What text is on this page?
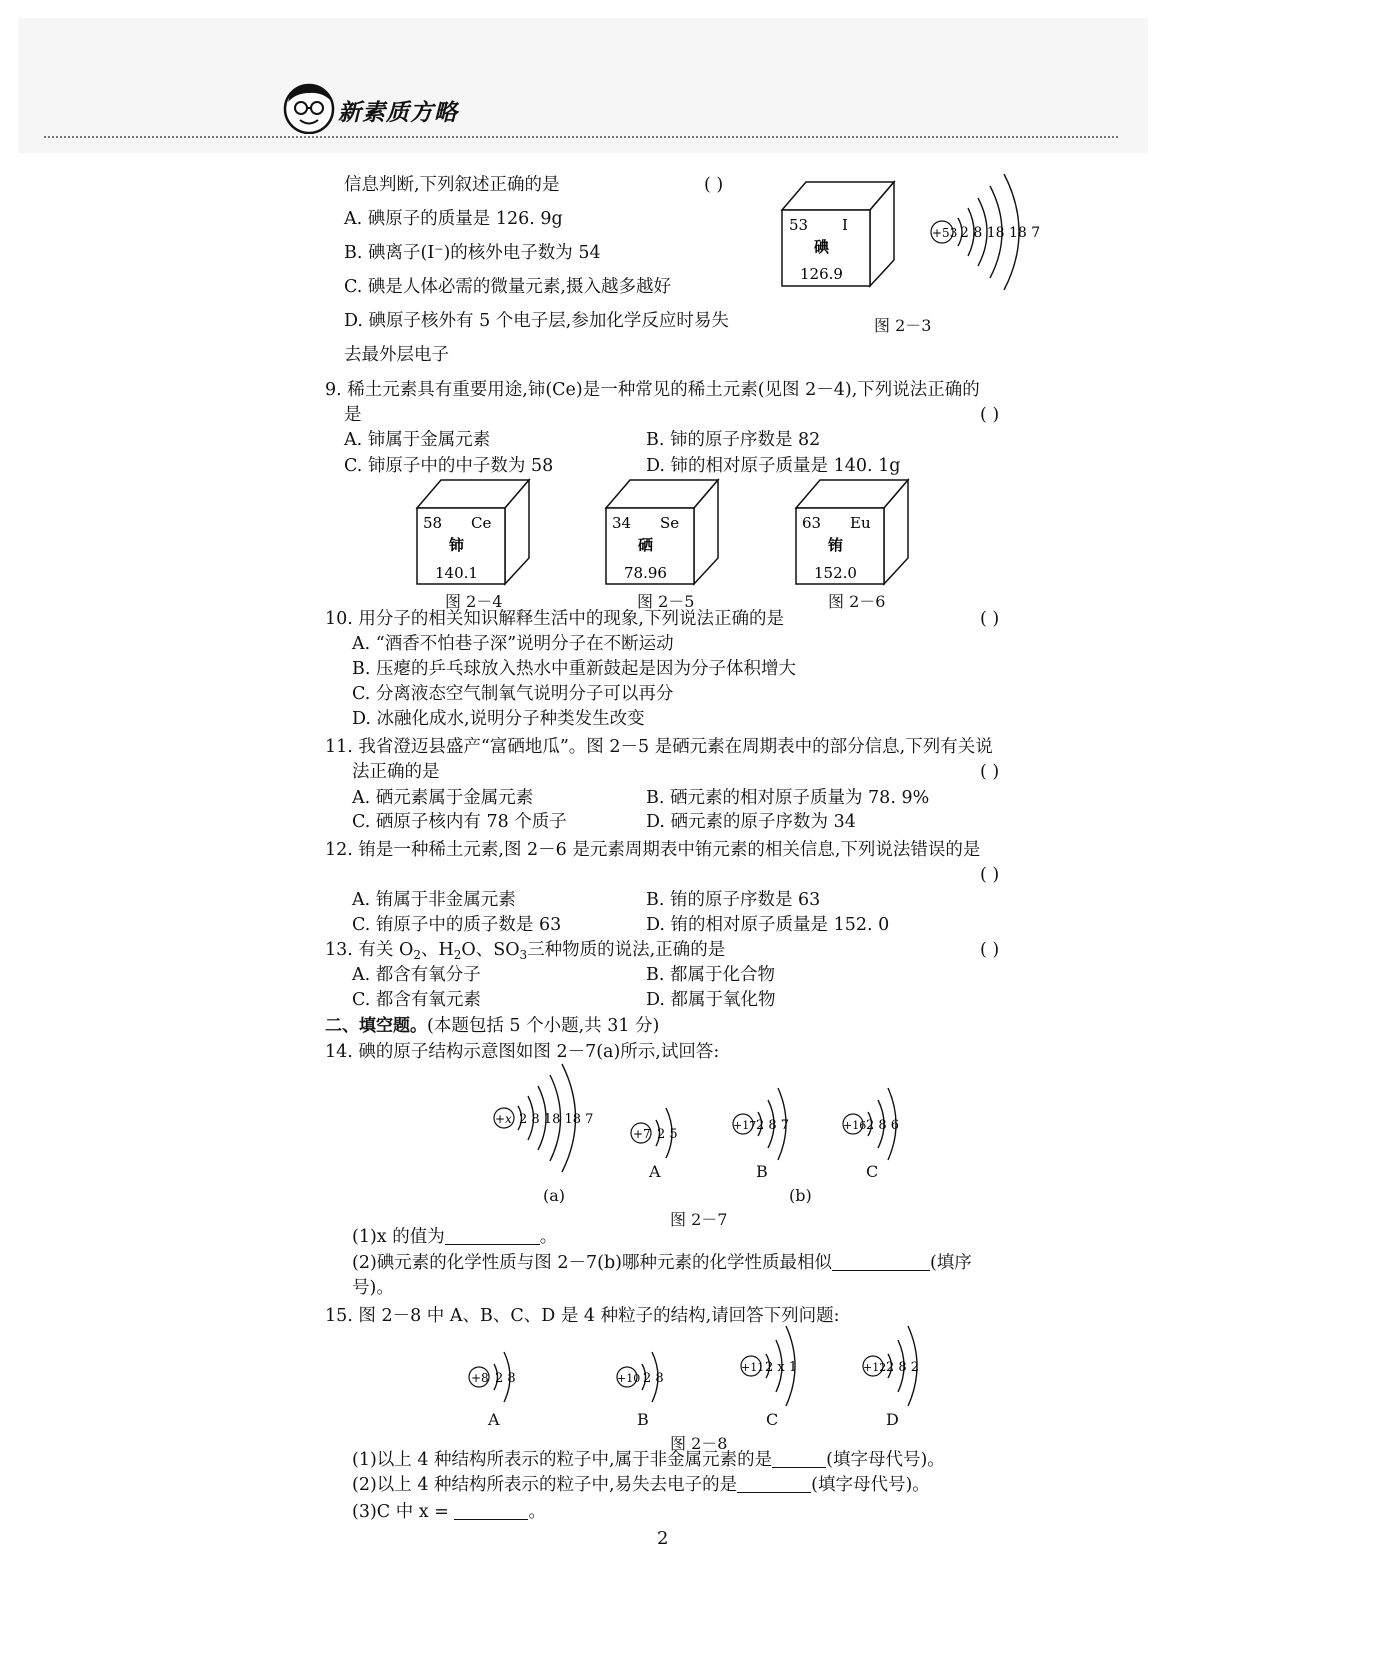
新素质方略
信息判断,下列叙述正确的是	( )
A. 碘原子的质量是 126. 9g
B. 碘离子(I⁻)的核外电子数为 54
C. 碘是人体必需的微量元素,摄入越多越好
D. 碘原子核外有 5 个电子层,参加化学反应时易失
去最外层电子
53 I
碘
126.9
+53 2 8 18 18 7
图 2－3
9. 稀土元素具有重要用途,铈(Ce)是一种常见的稀土元素(见图 2－4),下列说法正确的
是	( )
A. 铈属于金属元素	B. 铈的原子序数是 82
C. 铈原子中的中子数为 58	D. 铈的相对原子质量是 140. 1g
58 Ce
铈
140.1
34 Se
硒
78.96
63 Eu
铕
152.0
图 2－4	图 2－5	图 2－6
10. 用分子的相关知识解释生活中的现象,下列说法正确的是	( )
A. “酒香不怕巷子深”说明分子在不断运动
B. 压瘪的乒乓球放入热水中重新鼓起是因为分子体积增大
C. 分离液态空气制氧气说明分子可以再分
D. 冰融化成水,说明分子种类发生改变
11. 我省澄迈县盛产“富硒地瓜”。图 2－5 是硒元素在周期表中的部分信息,下列有关说
法正确的是	( )
A. 硒元素属于金属元素	B. 硒元素的相对原子质量为 78. 9%
C. 硒原子核内有 78 个质子	D. 硒元素的原子序数为 34
12. 铕是一种稀土元素,图 2－6 是元素周期表中铕元素的相关信息,下列说法错误的是
( )
A. 铕属于非金属元素	B. 铕的原子序数是 63
C. 铕原子中的质子数是 63	D. 铕的相对原子质量是 152. 0
13. 有关 $O_2$、$H_2O$、$SO_3$三种物质的说法,正确的是	( )
A. 都含有氧分子	B. 都属于化合物
C. 都含有氧元素	D. 都属于氧化物
二、填空题。(本题包括 5 个小题,共 31 分)
14. 碘的原子结构示意图如图 2－7(a)所示,试回答:
+x 2 8 18 18 7
(a)
+7 2 5
A
+17 2 8 7
B
+16 2 8 6
C
(b)
图 2－7
(1)x 的值为	。
(2)碘元素的化学性质与图 2－7(b)哪种元素的化学性质最相似	(填序
号)。
15. 图 2－8 中 A、B、C、D 是 4 种粒子的结构,请回答下列问题:
+8 2 8
A
+10 2 8
B
+11 2 x 1
C
+12 2 8 2
D
图 2－8
(1)以上 4 种结构所表示的粒子中,属于非金属元素的是	(填字母代号)。
(2)以上 4 种结构所表示的粒子中,易失去电子的是	(填字母代号)。
(3)C 中 x =	。
2
